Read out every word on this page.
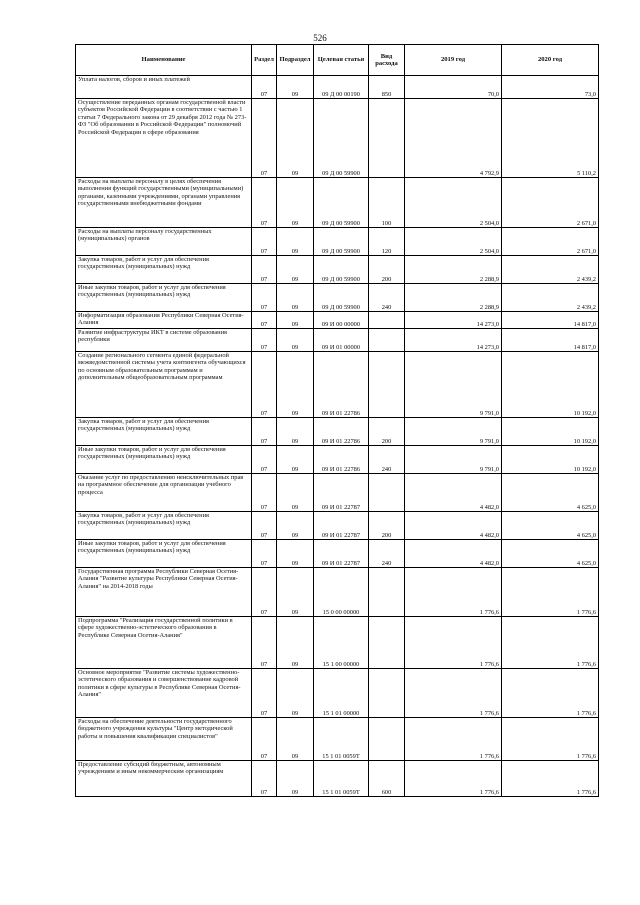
526
Наименование	Раздел	Подраздел	Целевая статья	Вид расхода	2019 год	2020 год
Уплата налогов, сборов и иных платежей	07	09	09 Д 00 00190	850	70,0	73,0
Осуществление переданных органам государственной власти субъектов Российской Федерации в соответствии с частью 1 статьи 7 Федерального закона от 29 декабря 2012 года № 273-ФЗ "Об образовании в Российской Федерации" полномочий Российской Федерации в сфере образования	07	09	09 Д 00 59900		4 792,9	5 110,2
Расходы на выплаты персоналу в целях обеспечения выполнения функций государственными (муниципальными) органами, казенными учреждениями, органами управления государственными внебюджетными фондами	07	09	09 Д 00 59900	100	2 504,0	2 671,0
Расходы на выплаты персоналу государственных (муниципальных) органов	07	09	09 Д 00 59900	120	2 504,0	2 671,0
Закупка товаров, работ и услуг для обеспечения государственных (муниципальных) нужд	07	09	09 Д 00 59900	200	2 288,9	2 439,2
Иные закупки товаров, работ и услуг для обеспечения государственных (муниципальных) нужд	07	09	09 Д 00 59900	240	2 288,9	2 439,2
Информатизация образования Республики Северная Осетия-Алания	07	09	09 И 00 00000		14 273,0	14 817,0
Развитие инфраструктуры ИКТ в системе образования республики	07	09	09 И 01 00000		14 273,0	14 817,0
Создание регионального сегмента единой федеральной межведомственной системы учета контингента обучающихся по основным образовательным программам и дополнительным общеобразовательным программам	07	09	09 И 01 22786		9 791,0	10 192,0
Закупка товаров, работ и услуг для обеспечения государственных (муниципальных) нужд	07	09	09 И 01 22786	200	9 791,0	10 192,0
Иные закупки товаров, работ и услуг для обеспечения государственных (муниципальных) нужд	07	09	09 И 01 22786	240	9 791,0	10 192,0
Оказание услуг по предоставлению неисключительных прав на программное обеспечение для организации учебного процесса	07	09	09 И 01 22787		4 482,0	4 625,0
Закупка товаров, работ и услуг для обеспечения государственных (муниципальных) нужд	07	09	09 И 01 22787	200	4 482,0	4 625,0
Иные закупки товаров, работ и услуг для обеспечения государственных (муниципальных) нужд	07	09	09 И 01 22787	240	4 482,0	4 625,0
Государственная программа Республики Северная Осетия-Алания "Развитие культуры Республики Северная Осетия-Алания" на 2014-2018 годы	07	09	15 0 00 00000		1 776,6	1 776,6
Подпрограмма "Реализация государственной политики в сфере художественно-эстетического образования в Республике Северная Осетия-Алания"	07	09	15 1 00 00000		1 776,6	1 776,6
Основное мероприятие "Развитие системы художественно-эстетического образования и совершенствование кадровой политики в сфере культуры в Республике Северная Осетия-Алания"	07	09	15 1 01 00000		1 776,6	1 776,6
Расходы на обеспечение деятельности государственного бюджетного учреждения культуры "Центр методической работы и повышения квалификации специалистов"	07	09	15 1 01 0059Т		1 776,6	1 776,6
Предоставление субсидий бюджетным, автономным учреждениям и иным некоммерческим организациям	07	09	15 1 01 0059Т	600	1 776,6	1 776,6
